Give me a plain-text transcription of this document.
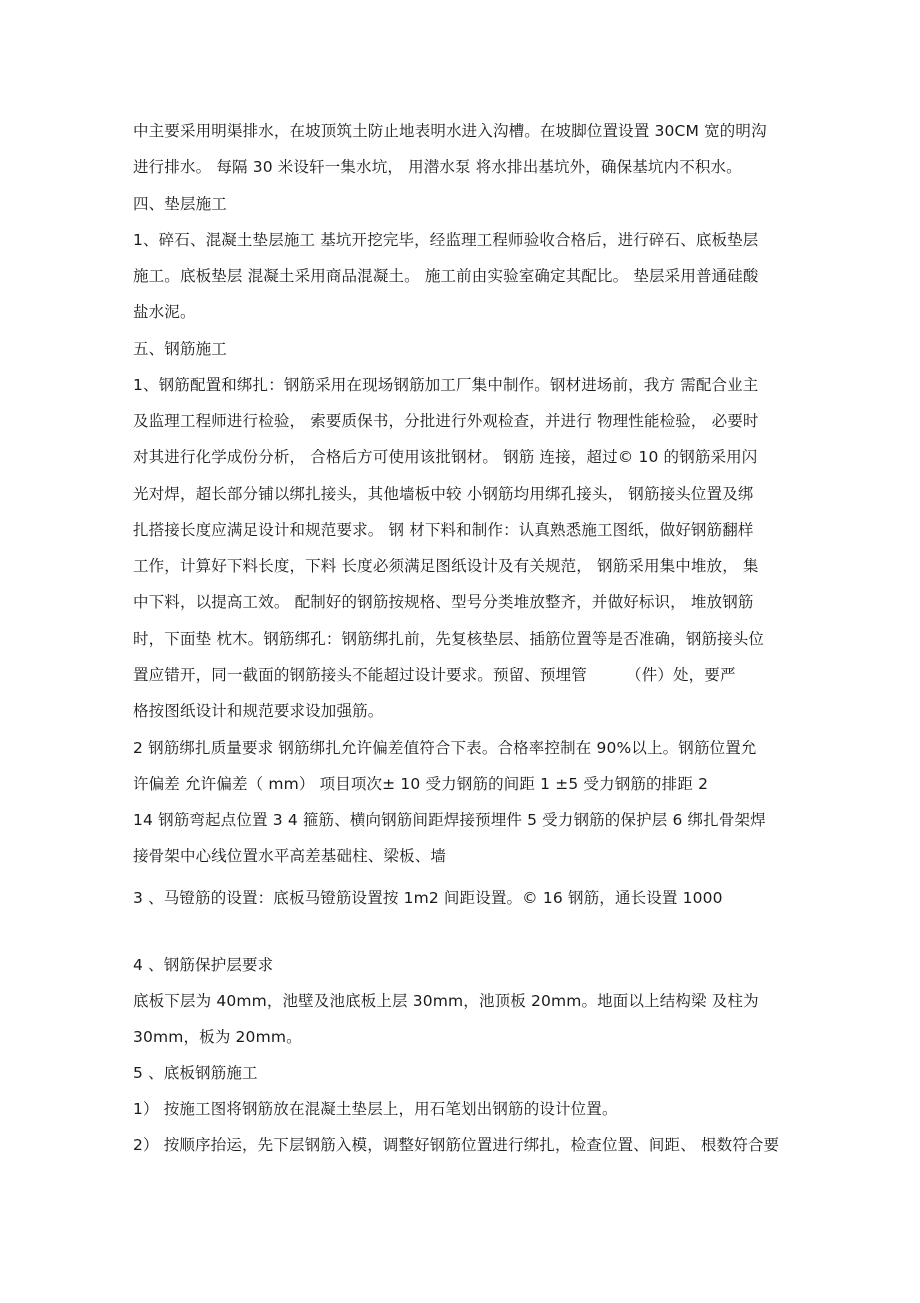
中主要采用明渠排水，在坡顶筑土防止地表明水进入沟槽。在坡脚位置设置 30CM 宽的明沟
进行排水。 每隔 30 米设轩一集水坑， 用潜水泵 将水排出基坑外，确保基坑内不积水。
四、垫层施工
1、碎石、混凝土垫层施工 基坑开挖完毕，经监理工程师验收合格后，进行碎石、底板垫层
施工。底板垫层 混凝土采用商品混凝土。 施工前由实验室确定其配比。 垫层采用普通硅酸
盐水泥。
五、钢筋施工
1、钢筋配置和绑扎：钢筋采用在现场钢筋加工厂集中制作。钢材进场前，我方 需配合业主
及监理工程师进行检验， 索要质保书，分批进行外观检查，并进行 物理性能检验， 必要时
对其进行化学成份分析， 合格后方可使用该批钢材。 钢筋 连接，超过© 10 的钢筋采用闪
光对焊，超长部分铺以绑扎接头，其他墙板中较 小钢筋均用绑孔接头， 钢筋接头位置及绑
扎搭接长度应满足设计和规范要求。 钢 材下料和制作：认真熟悉施工图纸，做好钢筋翻样
工作，计算好下料长度，下料 长度必须满足图纸设计及有关规范， 钢筋采用集中堆放， 集
中下料，以提高工效。 配制好的钢筋按规格、型号分类堆放整齐，并做好标识， 堆放钢筋
时，下面垫 枕木。钢筋绑孔：钢筋绑扎前，先复核垫层、插筋位置等是否准确，钢筋接头位
置应错开，同一截面的钢筋接头不能超过设计要求。预留、预埋管　　　（件）处，要严
格按图纸设计和规范要求设加强筋。
2 钢筋绑扎质量要求 钢筋绑扎允许偏差值符合下表。合格率控制在 90%以上。钢筋位置允
许偏差 允许偏差（ mm） 项目项次± 10 受力钢筋的间距 1 ±5 受力钢筋的排距 2
14 钢筋弯起点位置 3 4 箍筋、横向钢筋间距焊接预埋件 5 受力钢筋的保护层 6 绑扎骨架焊
接骨架中心线位置水平高差基础柱、梁板、墙
3 、马镫筋的设置：底板马镫筋设置按 1m2 间距设置。© 16 钢筋，通长设置 1000
4 、钢筋保护层要求
底板下层为 40mm，池壁及池底板上层 30mm，池顶板 20mm。地面以上结构梁 及柱为
30mm，板为 20mm。
5 、底板钢筋施工
1） 按施工图将钢筋放在混凝土垫层上，用石笔划出钢筋的设计位置。
2） 按顺序抬运，先下层钢筋入模，调整好钢筋位置进行绑扎，检查位置、间距、 根数符合要
